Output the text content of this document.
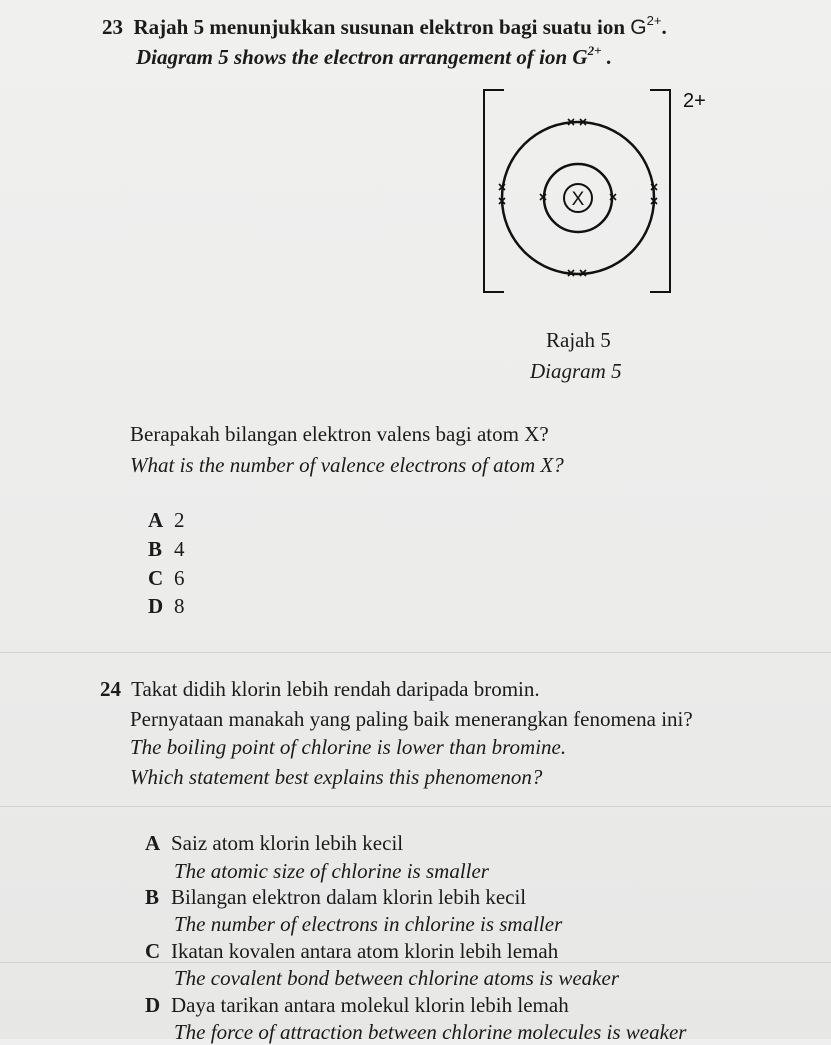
23 Rajah 5 menunjukkan susunan elektron bagi suatu ion $G^{2+}$.
Diagram 5 shows the electron arrangement of ion $G^{2+}$ .
2+
X
Rajah 5
Diagram 5
Berapakah bilangan elektron valens bagi atom X?
What is the number of valence electrons of atom X?
A 2
B 4
C 6
D 8
24 Takat didih klorin lebih rendah daripada bromin.
Pernyataan manakah yang paling baik menerangkan fenomena ini?
The boiling point of chlorine is lower than bromine.
Which statement best explains this phenomenon?
A Saiz atom klorin lebih kecil
The atomic size of chlorine is smaller
B Bilangan elektron dalam klorin lebih kecil
The number of electrons in chlorine is smaller
C Ikatan kovalen antara atom klorin lebih lemah
The covalent bond between chlorine atoms is weaker
D Daya tarikan antara molekul klorin lebih lemah
The force of attraction between chlorine molecules is weaker
